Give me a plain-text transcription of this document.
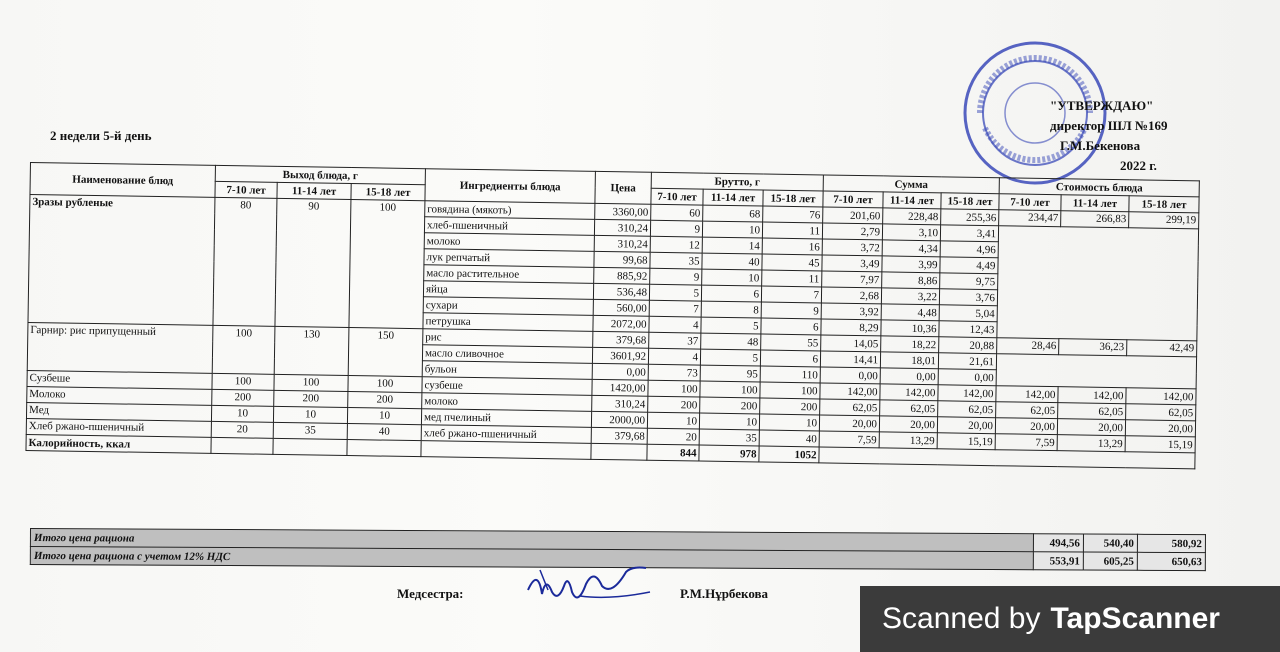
2 недели 5-й день
"УТВЕРЖДАЮ"
директор ШЛ №169
Г.М.Бекенова
2022 г.
Наименование блюд	Выход блюда, г			Ингредиенты блюда	Цена	Брутто, г			Сумма			Стоимость блюда		
	7-10 лет	11-14 лет	15-18 лет			7-10 лет	11-14 лет	15-18 лет	7-10 лет	11-14 лет	15-18 лет	7-10 лет	11-14 лет	15-18 лет
Зразы рубленые	80	90	100	говядина (мякоть)	3360,00	60	68	76	201,60	228,48	255,36	234,47	266,83	299,19
				хлеб-пшеничный	310,24	9	10	11	2,79	3,10	3,41			
				молоко	310,24	12	14	16	3,72	4,34	4,96			
				лук репчатый	99,68	35	40	45	3,49	3,99	4,49			
				масло растительное	885,92	9	10	11	7,97	8,86	9,75			
				яйца	536,48	5	6	7	2,68	3,22	3,76			
				сухари	560,00	7	8	9	3,92	4,48	5,04			
				петрушка	2072,00	4	5	6	8,29	10,36	12,43			
Гарнир: рис припущенный	100	130	150	рис	379,68	37	48	55	14,05	18,22	20,88	28,46	36,23	42,49
				масло сливочное	3601,92	4	5	6	14,41	18,01	21,61			
				бульон	0,00	73	95	110	0,00	0,00	0,00			
Сузбеше	100	100	100	сузбеше	1420,00	100	100	100	142,00	142,00	142,00	142,00	142,00	142,00
Молоко	200	200	200	молоко	310,24	200	200	200	62,05	62,05	62,05	62,05	62,05	62,05
Мед	10	10	10	мед пчелиный	2000,00	10	10	10	20,00	20,00	20,00	20,00	20,00	20,00
Хлеб ржано-пшеничный	20	35	40	хлеб ржано-пшеничный	379,68	20	35	40	7,59	13,29	15,19	7,59	13,29	15,19
Калорийность, ккал						844	978	1052						
Итого цена рациона	494,56	540,40	580,92
Итого цена рациона с учетом 12% НДС	553,91	605,25	650,63
Медсестра:	Р.М.Нұрбекова
Scanned by TapScanner
